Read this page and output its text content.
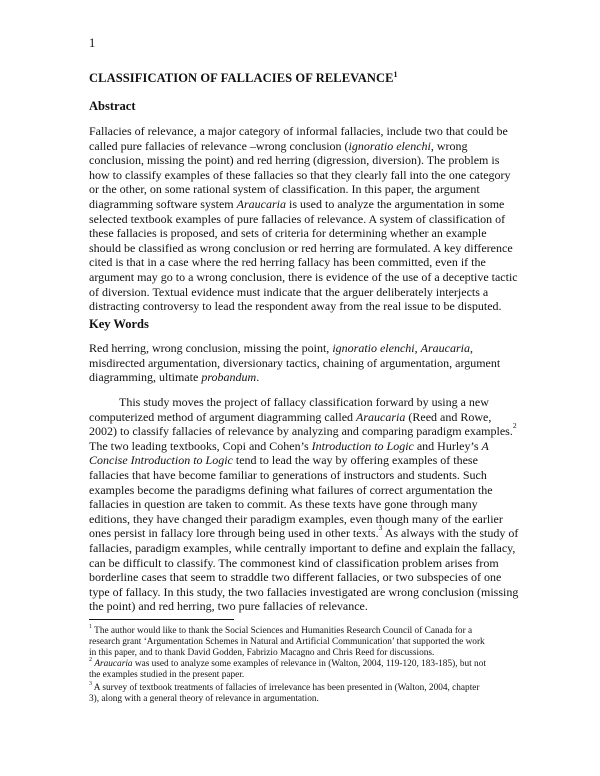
1
CLASSIFICATION OF FALLACIES OF RELEVANCE$^1$
Abstract
Fallacies of relevance, a major category of informal fallacies, include two that could be
called pure fallacies of relevance –wrong conclusion (ignoratio elenchi, wrong
conclusion, missing the point) and red herring (digression, diversion). The problem is
how to classify examples of these fallacies so that they clearly fall into the one category
or the other, on some rational system of classification. In this paper, the argument
diagramming software system Araucaria is used to analyze the argumentation in some
selected textbook examples of pure fallacies of relevance. A system of classification of
these fallacies is proposed, and sets of criteria for determining whether an example
should be classified as wrong conclusion or red herring are formulated. A key difference
cited is that in a case where the red herring fallacy has been committed, even if the
argument may go to a wrong conclusion, there is evidence of the use of a deceptive tactic
of diversion. Textual evidence must indicate that the arguer deliberately interjects a
distracting controversy to lead the respondent away from the real issue to be disputed.
Key Words
Red herring, wrong conclusion, missing the point, ignoratio elenchi, Araucaria,
misdirected argumentation, diversionary tactics, chaining of argumentation, argument
diagramming, ultimate probandum.
This study moves the project of fallacy classification forward by using a new
computerized method of argument diagramming called Araucaria (Reed and Rowe,
2002) to classify fallacies of relevance by analyzing and comparing paradigm examples.$^2$
The two leading textbooks, Copi and Cohen’s Introduction to Logic and Hurley’s A
Concise Introduction to Logic tend to lead the way by offering examples of these
fallacies that have become familiar to generations of instructors and students. Such
examples become the paradigms defining what failures of correct argumentation the
fallacies in question are taken to commit. As these texts have gone through many
editions, they have changed their paradigm examples, even though many of the earlier
ones persist in fallacy lore through being used in other texts.$^3$ As always with the study of
fallacies, paradigm examples, while centrally important to define and explain the fallacy,
can be difficult to classify. The commonest kind of classification problem arises from
borderline cases that seem to straddle two different fallacies, or two subspecies of one
type of fallacy. In this study, the two fallacies investigated are wrong conclusion (missing
the point) and red herring, two pure fallacies of relevance.
$^1$ The author would like to thank the Social Sciences and Humanities Research Council of Canada for a
research grant ‘Argumentation Schemes in Natural and Artificial Communication’ that supported the work
in this paper, and to thank David Godden, Fabrizio Macagno and Chris Reed for discussions.
$^2$ Araucaria was used to analyze some examples of relevance in (Walton, 2004, 119-120, 183-185), but not
the examples studied in the present paper.
$^3$ A survey of textbook treatments of fallacies of irrelevance has been presented in (Walton, 2004, chapter
3), along with a general theory of relevance in argumentation.
